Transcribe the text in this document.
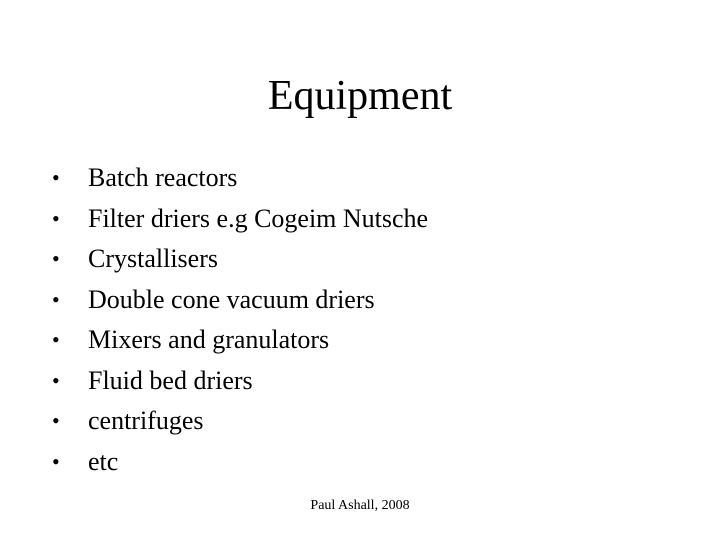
Equipment
•	Batch reactors
•	Filter driers e.g Cogeim Nutsche
•	Crystallisers
•	Double cone vacuum driers
•	Mixers and granulators
•	Fluid bed driers
•	centrifuges
•	etc
Paul Ashall, 2008
